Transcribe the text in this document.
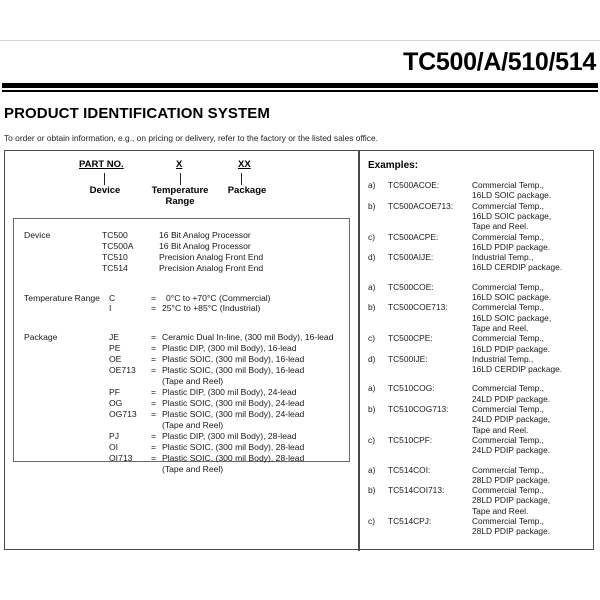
TC500/A/510/514
PRODUCT IDENTIFICATION SYSTEM
To order or obtain information, e.g., on pricing or delivery, refer to the factory or the listed sales office.
PART NO.
Device
X
Temperature
Range
XX
Package
Device	TC500	16 Bit Analog Processor
TC500A	16 Bit Analog Processor
TC510	Precision Analog Front End
TC514	Precision Analog Front End
Temperature Range C	= 0°C to +70°C (Commercial)
I	= 25°C to +85°C (Industrial)
Package	JE	= Ceramic Dual In-line, (300 mil Body), 16-lead
PE	= Plastic DIP, (300 mil Body), 16-lead
OE	= Plastic SOIC, (300 mil Body), 16-lead
OE713 = Plastic SOIC, (300 mil Body), 16-lead
(Tape and Reel)
PF	= Plastic DIP, (300 mil Body), 24-lead
OG	= Plastic SOIC, (300 mil Body), 24-lead
OG713 = Plastic SOIC, (300 mil Body), 24-lead
(Tape and Reel)
PJ	= Plastic DIP, (300 mil Body), 28-lead
OI	= Plastic SOIC, (300 mil Body), 28-lead
OI713 = Plastic SOIC, (300 mil Body), 28-lead
(Tape and Reel)
Examples:
a) TC500ACOE:	Commercial Temp.,
16LD SOIC package.
b) TC500ACOE713: Commercial Temp.,
16LD SOIC package,
Tape and Reel.
c) TC500ACPE:	Commercial Temp.,
16LD PDIP package.
d) TC500AIJE:	Industrial Temp.,
16LD CERDIP package.
a) TC500COE:	Commercial Temp.,
16LD SOIC package.
b) TC500COE713:	Commercial Temp.,
16LD SOIC package,
Tape and Reel.
c) TC500CPE:	Commercial Temp.,
16LD PDIP package.
d) TC500IJE:	Industrial Temp.,
16LD CERDIP package.
a) TC510COG:	Commercial Temp.,
24LD PDIP package.
b) TC510COG713:	Commercial Temp.,
24LD PDIP package,
Tape and Reel.
c) TC510CPF:	Commercial Temp.,
24LD PDIP package.
a) TC514COI:	Commercial Temp.,
28LD PDIP package.
b) TC514COI713:	Commercial Temp.,
28LD PDIP package,
Tape and Reel.
c) TC514CPJ:	Commercial Temp.,
28LD PDIP package.
